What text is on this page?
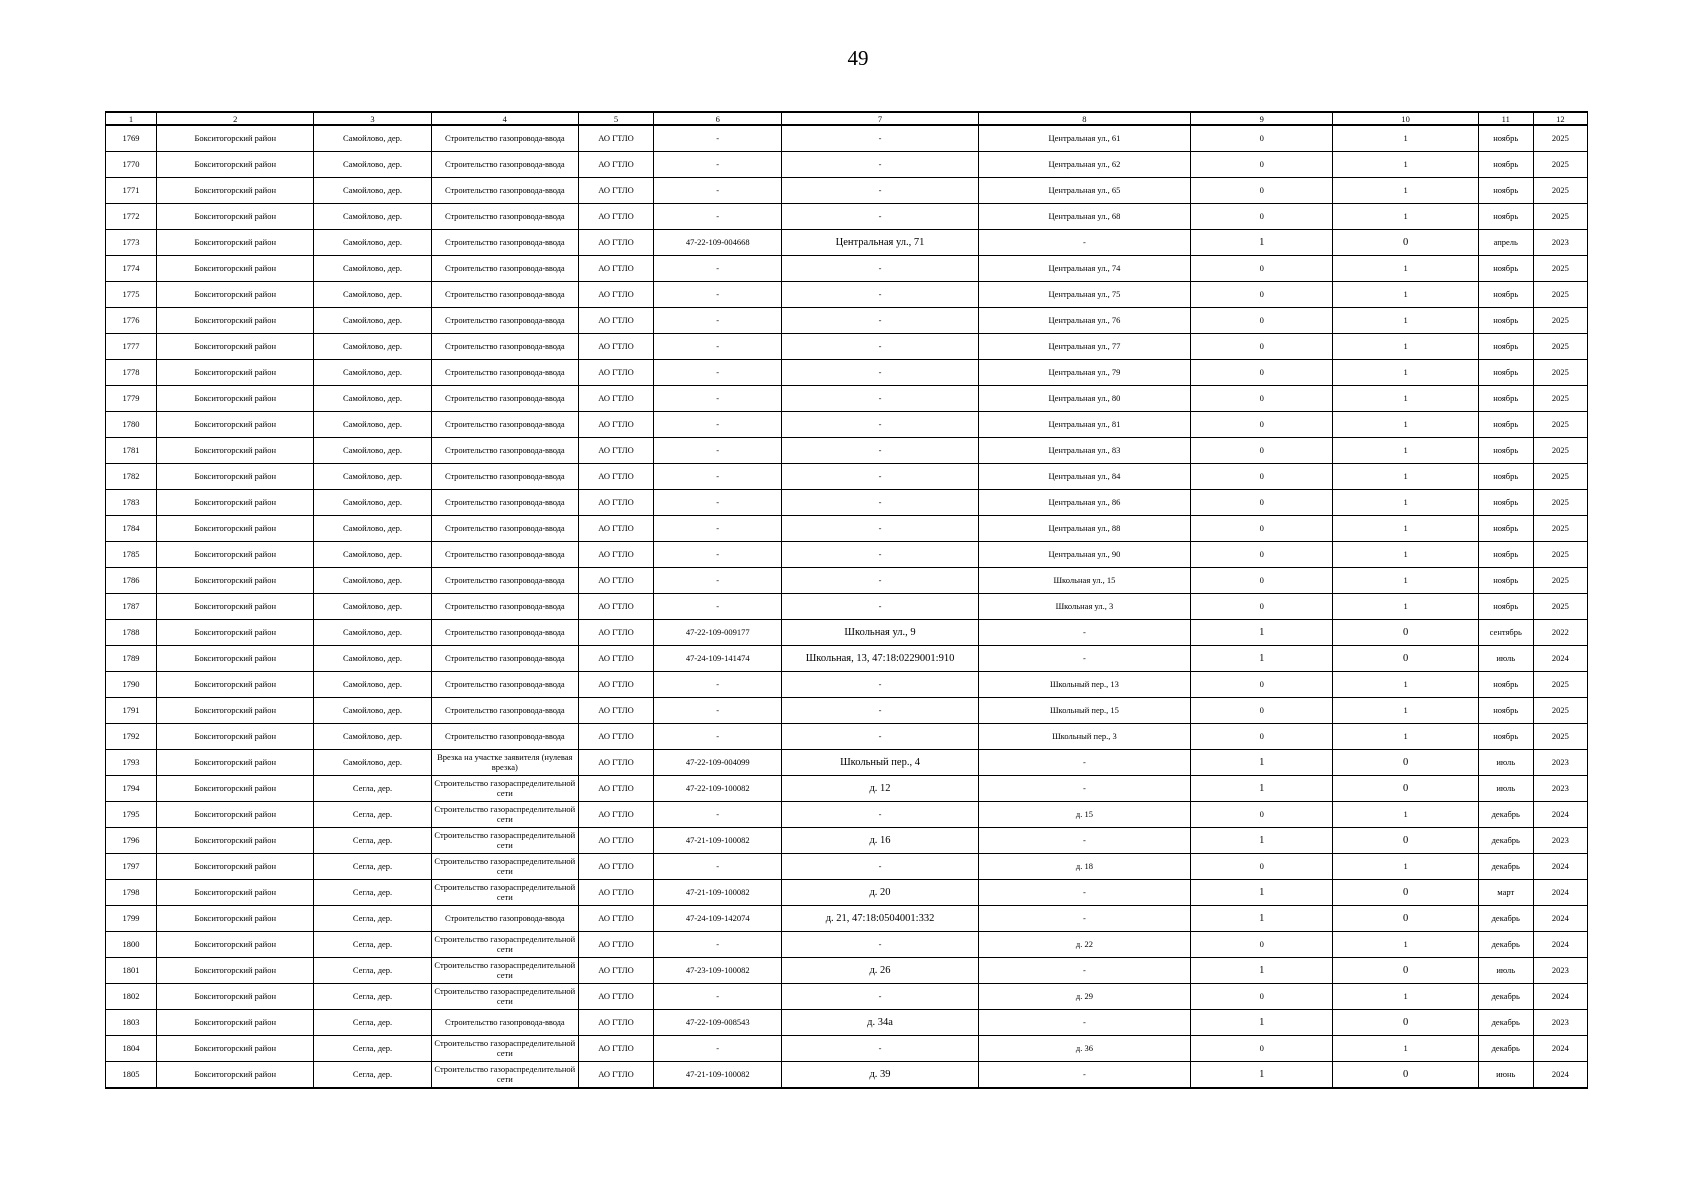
49
1	2	3	4	5	6	7	8	9	10	11	12
1769	Бокситогорский район	Самойлово, дер.	Строительство газопровода-ввода	АО ГТЛО	-	-	Центральная ул., 61	0	1	ноябрь	2025
1770	Бокситогорский район	Самойлово, дер.	Строительство газопровода-ввода	АО ГТЛО	-	-	Центральная ул., 62	0	1	ноябрь	2025
1771	Бокситогорский район	Самойлово, дер.	Строительство газопровода-ввода	АО ГТЛО	-	-	Центральная ул., 65	0	1	ноябрь	2025
1772	Бокситогорский район	Самойлово, дер.	Строительство газопровода-ввода	АО ГТЛО	-	-	Центральная ул., 68	0	1	ноябрь	2025
1773	Бокситогорский район	Самойлово, дер.	Строительство газопровода-ввода	АО ГТЛО	47-22-109-004668	Центральная ул., 71	-	1	0	апрель	2023
1774	Бокситогорский район	Самойлово, дер.	Строительство газопровода-ввода	АО ГТЛО	-	-	Центральная ул., 74	0	1	ноябрь	2025
1775	Бокситогорский район	Самойлово, дер.	Строительство газопровода-ввода	АО ГТЛО	-	-	Центральная ул., 75	0	1	ноябрь	2025
1776	Бокситогорский район	Самойлово, дер.	Строительство газопровода-ввода	АО ГТЛО	-	-	Центральная ул., 76	0	1	ноябрь	2025
1777	Бокситогорский район	Самойлово, дер.	Строительство газопровода-ввода	АО ГТЛО	-	-	Центральная ул., 77	0	1	ноябрь	2025
1778	Бокситогорский район	Самойлово, дер.	Строительство газопровода-ввода	АО ГТЛО	-	-	Центральная ул., 79	0	1	ноябрь	2025
1779	Бокситогорский район	Самойлово, дер.	Строительство газопровода-ввода	АО ГТЛО	-	-	Центральная ул., 80	0	1	ноябрь	2025
1780	Бокситогорский район	Самойлово, дер.	Строительство газопровода-ввода	АО ГТЛО	-	-	Центральная ул., 81	0	1	ноябрь	2025
1781	Бокситогорский район	Самойлово, дер.	Строительство газопровода-ввода	АО ГТЛО	-	-	Центральная ул., 83	0	1	ноябрь	2025
1782	Бокситогорский район	Самойлово, дер.	Строительство газопровода-ввода	АО ГТЛО	-	-	Центральная ул., 84	0	1	ноябрь	2025
1783	Бокситогорский район	Самойлово, дер.	Строительство газопровода-ввода	АО ГТЛО	-	-	Центральная ул., 86	0	1	ноябрь	2025
1784	Бокситогорский район	Самойлово, дер.	Строительство газопровода-ввода	АО ГТЛО	-	-	Центральная ул., 88	0	1	ноябрь	2025
1785	Бокситогорский район	Самойлово, дер.	Строительство газопровода-ввода	АО ГТЛО	-	-	Центральная ул., 90	0	1	ноябрь	2025
1786	Бокситогорский район	Самойлово, дер.	Строительство газопровода-ввода	АО ГТЛО	-	-	Школьная ул., 15	0	1	ноябрь	2025
1787	Бокситогорский район	Самойлово, дер.	Строительство газопровода-ввода	АО ГТЛО	-	-	Школьная ул., 3	0	1	ноябрь	2025
1788	Бокситогорский район	Самойлово, дер.	Строительство газопровода-ввода	АО ГТЛО	47-22-109-009177	Школьная ул., 9	-	1	0	сентябрь	2022
1789	Бокситогорский район	Самойлово, дер.	Строительство газопровода-ввода	АО ГТЛО	47-24-109-141474	Школьная, 13, 47:18:0229001:910	-	1	0	июль	2024
1790	Бокситогорский район	Самойлово, дер.	Строительство газопровода-ввода	АО ГТЛО	-	-	Школьный пер., 13	0	1	ноябрь	2025
1791	Бокситогорский район	Самойлово, дер.	Строительство газопровода-ввода	АО ГТЛО	-	-	Школьный пер., 15	0	1	ноябрь	2025
1792	Бокситогорский район	Самойлово, дер.	Строительство газопровода-ввода	АО ГТЛО	-	-	Школьный пер., 3	0	1	ноябрь	2025
1793	Бокситогорский район	Самойлово, дер.	Врезка на участке заявителя (нулевая врезка)	АО ГТЛО	47-22-109-004099	Школьный пер., 4	-	1	0	июль	2023
1794	Бокситогорский район	Сегла, дер.	Строительство газораспределительной сети	АО ГТЛО	47-22-109-100082	д. 12	-	1	0	июль	2023
1795	Бокситогорский район	Сегла, дер.	Строительство газораспределительной сети	АО ГТЛО	-	-	д. 15	0	1	декабрь	2024
1796	Бокситогорский район	Сегла, дер.	Строительство газораспределительной сети	АО ГТЛО	47-21-109-100082	д. 16	-	1	0	декабрь	2023
1797	Бокситогорский район	Сегла, дер.	Строительство газораспределительной сети	АО ГТЛО	-	-	д. 18	0	1	декабрь	2024
1798	Бокситогорский район	Сегла, дер.	Строительство газораспределительной сети	АО ГТЛО	47-21-109-100082	д. 20	-	1	0	март	2024
1799	Бокситогорский район	Сегла, дер.	Строительство газопровода-ввода	АО ГТЛО	47-24-109-142074	д. 21, 47:18:0504001:332	-	1	0	декабрь	2024
1800	Бокситогорский район	Сегла, дер.	Строительство газораспределительной сети	АО ГТЛО	-	-	д. 22	0	1	декабрь	2024
1801	Бокситогорский район	Сегла, дер.	Строительство газораспределительной сети	АО ГТЛО	47-23-109-100082	д. 26	-	1	0	июль	2023
1802	Бокситогорский район	Сегла, дер.	Строительство газораспределительной сети	АО ГТЛО	-	-	д. 29	0	1	декабрь	2024
1803	Бокситогорский район	Сегла, дер.	Строительство газопровода-ввода	АО ГТЛО	47-22-109-008543	д. 34а	-	1	0	декабрь	2023
1804	Бокситогорский район	Сегла, дер.	Строительство газораспределительной сети	АО ГТЛО	-	-	д. 36	0	1	декабрь	2024
1805	Бокситогорский район	Сегла, дер.	Строительство газораспределительной сети	АО ГТЛО	47-21-109-100082	д. 39	-	1	0	июнь	2024
